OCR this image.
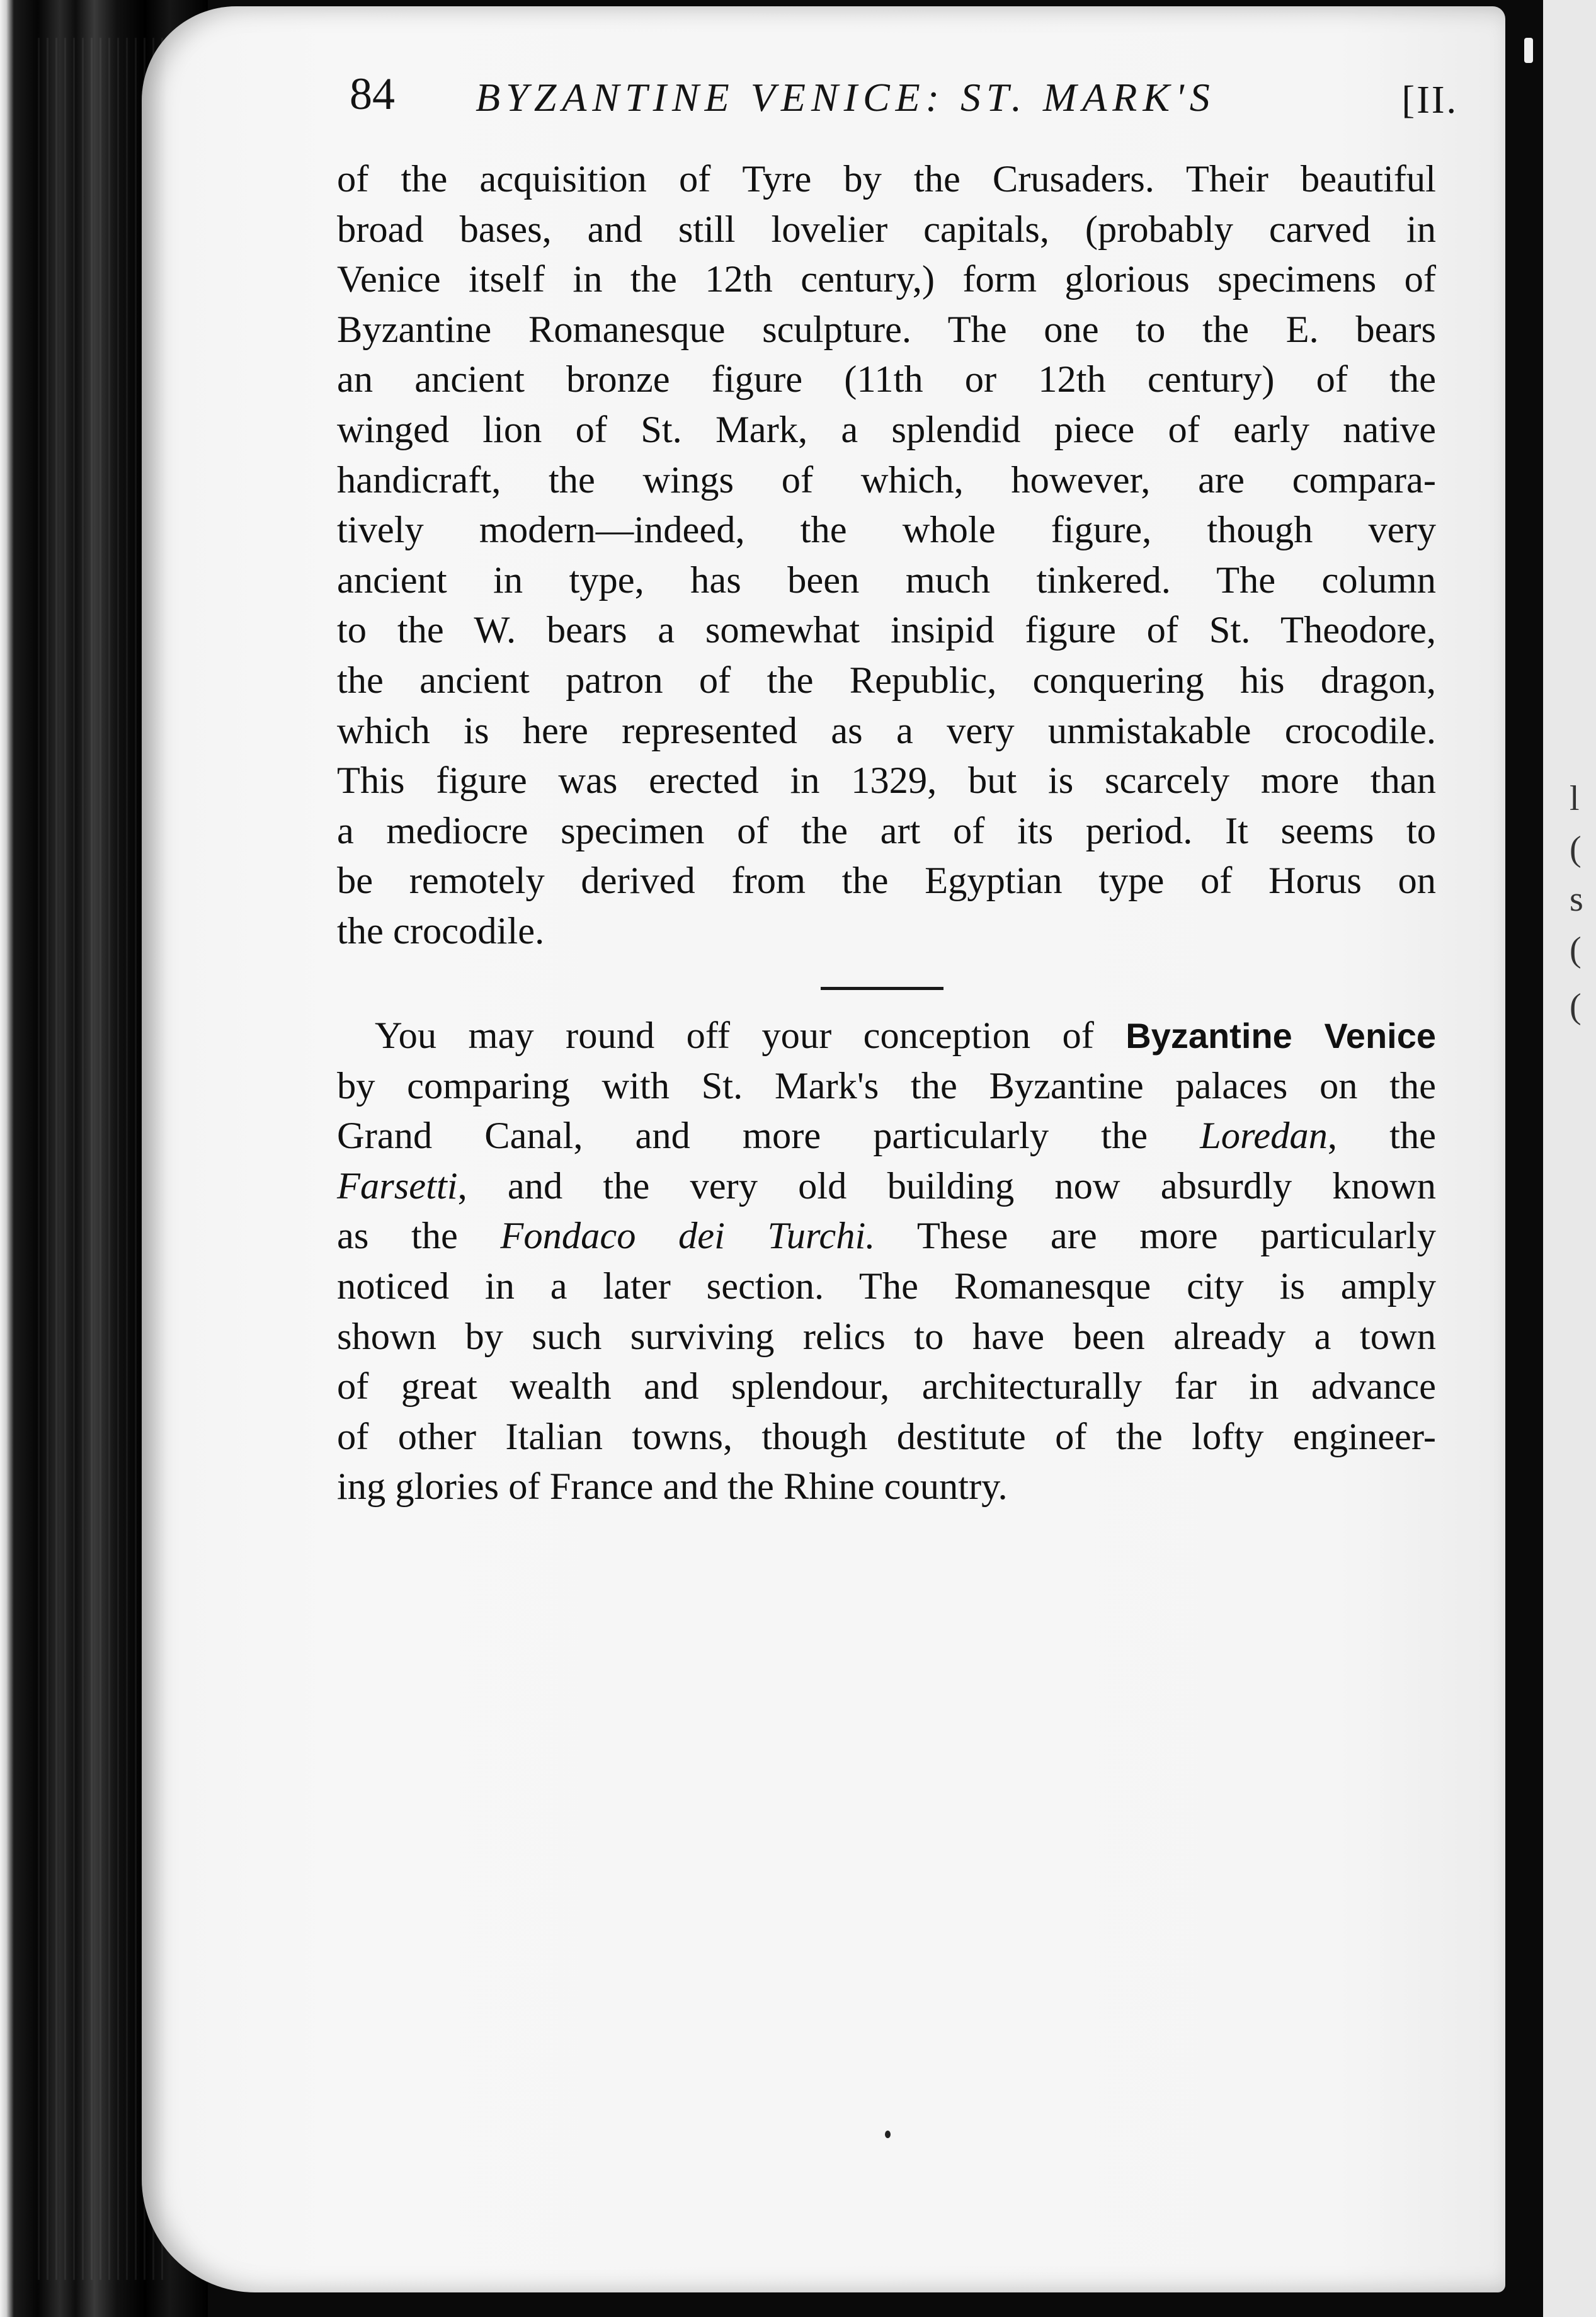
l
(
s
(
(
84 BYZANTINE VENICE: ST. MARK'S	[II.
of the acquisition of Tyre by the Crusaders. Their beautiful
broad bases, and still lovelier capitals, (probably carved in
Venice itself in the 12th century,) form glorious specimens of
Byzantine Romanesque sculpture. The one to the E. bears
an ancient bronze figure (11th or 12th century) of the
winged lion of St. Mark, a splendid piece of early native
handicraft, the wings of which, however, are compara-
tively modern—indeed, the whole figure, though very
ancient in type, has been much tinkered. The column
to the W. bears a somewhat insipid figure of St. Theodore,
the ancient patron of the Republic, conquering his dragon,
which is here represented as a very unmistakable crocodile.
This figure was erected in 1329, but is scarcely more than
a mediocre specimen of the art of its period. It seems to
be remotely derived from the Egyptian type of Horus on
the crocodile.
You may round off your conception of Byzantine Venice
by comparing with St. Mark's the Byzantine palaces on the
Grand Canal, and more particularly the Loredan, the
Farsetti, and the very old building now absurdly known
as the Fondaco dei Turchi. These are more particularly
noticed in a later section. The Romanesque city is amply
shown by such surviving relics to have been already a town
of great wealth and splendour, architecturally far in advance
of other Italian towns, though destitute of the lofty engineer-
ing glories of France and the Rhine country.
